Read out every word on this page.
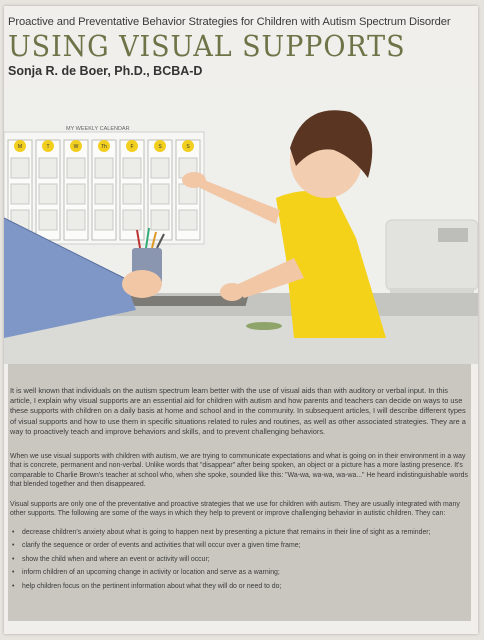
Proactive and Preventative Behavior Strategies for Children with Autism Spectrum Disorder
USING VISUAL SUPPORTS
Sonja R. de Boer, Ph.D., BCBA-D
MY WEEKLY CALENDAR
M	T	W	Th	F	S	S
It is well known that individuals on the autism spectrum learn better with the use of visual aids than with auditory or verbal input. In this article, I explain why visual supports are an essential aid for children with autism and how parents and teachers can decide on ways to use these supports with children on a daily basis at home and school and in the community. In subsequent articles, I will describe different types of visual supports and how to use them in specific situations related to rules and routines, as well as other associated strategies. They are a way to proactively teach and improve behaviors and skills, and to prevent challenging behaviors.
When we use visual supports with children with autism, we are trying to communicate expectations and what is going on in their environment in a way that is concrete, permanent and non-verbal. Unlike words that "disappear" after being spoken, an object or a picture has a more lasting presence. It's comparable to Charlie Brown's teacher at school who, when she spoke, sounded like this: "Wa-wa, wa-wa, wa-wa..." He heard indistinguishable words that blended together and then disappeared.
Visual supports are only one of the preventative and proactive strategies that we use for children with autism. They are usually integrated with many other supports. The following are some of the ways in which they help to prevent or improve challenging behavior in autistic children. They can:
• decrease children's anxiety about what is going to happen next by presenting a picture that remains in their line of sight as a reminder;
• clarify the sequence or order of events and activities that will occur over a given time frame;
• show the child when and where an event or activity will occur;
• inform children of an upcoming change in activity or location and serve as a warning;
• help children focus on the pertinent information about what they will do or need to do;
